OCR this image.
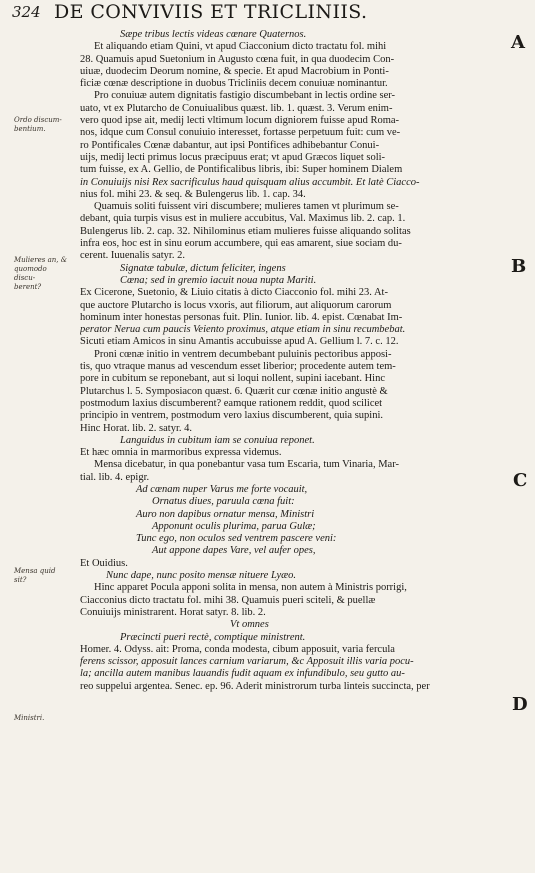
324 DE CONVIVIIS ET TRICLINIIS.
A
B
C
D
Ordo discum-
bentium.
Mulieres an, &
quomodo discu-
berent?
Mensa quid sit?
Ministri.
Sæpe tribus lectis videas cœnare Quaternos.
Et aliquando etiam Quini, vt apud Ciacconium dicto tractatu fol. mihi
28. Quamuis apud Suetonium in Augusto cœna fuit, in qua duodecim Con-
uiuæ, duodecim Deorum nomine, & specie. Et apud Macrobium in Ponti-
ficiæ cœnæ descriptione in duobus Tricliniis decem conuiuæ nominantur.
Pro conuiuæ autem dignitatis fastigio discumbebant in lectis ordine ser-
uato, vt ex Plutarcho de Conuiualibus quæst. lib. 1. quæst. 3. Verum enim-
vero quod ipse ait, medij lecti vltimum locum digniorem fuisse apud Roma-
nos, idque cum Consul conuiuio interesset, fortasse perpetuum fuit: cum ve-
ro Pontificales Cœnæ dabantur, aut ipsi Pontifices adhibebantur Conui-
uijs, medij lecti primus locus præcipuus erat; vt apud Græcos liquet soli-
tum fuisse, ex A. Gellio, de Pontificalibus libris, ibi: Super hominem Dialem
in Conuiuijs nisi Rex sacrificulus haud quisquam alius accumbit. Et latè Ciacco-
nius fol. mihi 23. & seq. & Bulengerus lib. 1. cap. 34.
Quamuis soliti fuissent viri discumbere; mulieres tamen vt plurimum se-
debant, quia turpis visus est in muliere accubitus, Val. Maximus lib. 2. cap. 1.
Bulengerus lib. 2. cap. 32. Nihilominus etiam mulieres fuisse aliquando solitas
infra eos, hoc est in sinu eorum accumbere, qui eas amarent, siue sociam du-
cerent. Iuuenalis satyr. 2.
Signatæ tabulæ, dictum feliciter, ingens
Cœna; sed in gremio iacuit noua nupta Mariti.
Ex Cicerone, Suetonio, & Liuio citatis à dicto Ciacconio fol. mihi 23. At-
que auctore Plutarcho is locus vxoris, aut filiorum, aut aliquorum carorum
hominum inter honestas personas fuit. Plin. Iunior. lib. 4. epist. Cœnabat Im-
perator Nerua cum paucis Veiento proximus, atque etiam in sinu recumbebat.
Sicuti etiam Amicos in sinu Amantis accubuisse apud A. Gellium l. 7. c. 12.
Proni cœnæ initio in ventrem decumbebant puluinis pectoribus apposi-
tis, quo vtraque manus ad vescendum esset liberior; procedente autem tem-
pore in cubitum se reponebant, aut si loqui nollent, supini iacebant. Hinc
Plutarchus l. 5. Symposiacon quæst. 6. Quærit cur cœnæ initio angustè &
postmodum laxius discumberent? eamque rationem reddit, quod scilicet
principio in ventrem, postmodum vero laxius discumberent, quia supini.
Hinc Horat. lib. 2. satyr. 4.
Languidus in cubitum iam se conuiua reponet.
Et hæc omnia in marmoribus expressa videmus.
Mensa dicebatur, in qua ponebantur vasa tum Escaria, tum Vinaria, Mar-
tial. lib. 4. epigr.
Ad cœnam nuper Varus me forte vocauit,
Ornatus diues, paruula cœna fuit:
Auro non dapibus ornatur mensa, Ministri
Apponunt oculis plurima, parua Gulæ;
Tunc ego, non oculos sed ventrem pascere veni:
Aut appone dapes Vare, vel aufer opes,
Et Ouidius.
Nunc dape, nunc posito mensæ nituere Lyæo.
Hinc apparet Pocula apponi solita in mensa, non autem à Ministris porrigi,
Ciacconius dicto tractatu fol. mihi 38. Quamuis pueri sciteli, & puellæ
Conuiuijs ministrarent. Horat satyr. 8. lib. 2.
Vt omnes
Præcincti pueri rectè, comptique ministrent.
Homer. 4. Odyss. ait: Proma, conda modesta, cibum apposuit, varia fercula
ferens scissor, apposuit lances carnium variarum, &c Apposuit illis varia pocu-
la; ancilla autem manibus lauandis fudit aquam ex infundibulo, seu gutto au-
reo suppelui argentea. Senec. ep. 96. Aderit ministrorum turba linteis succincta, per
